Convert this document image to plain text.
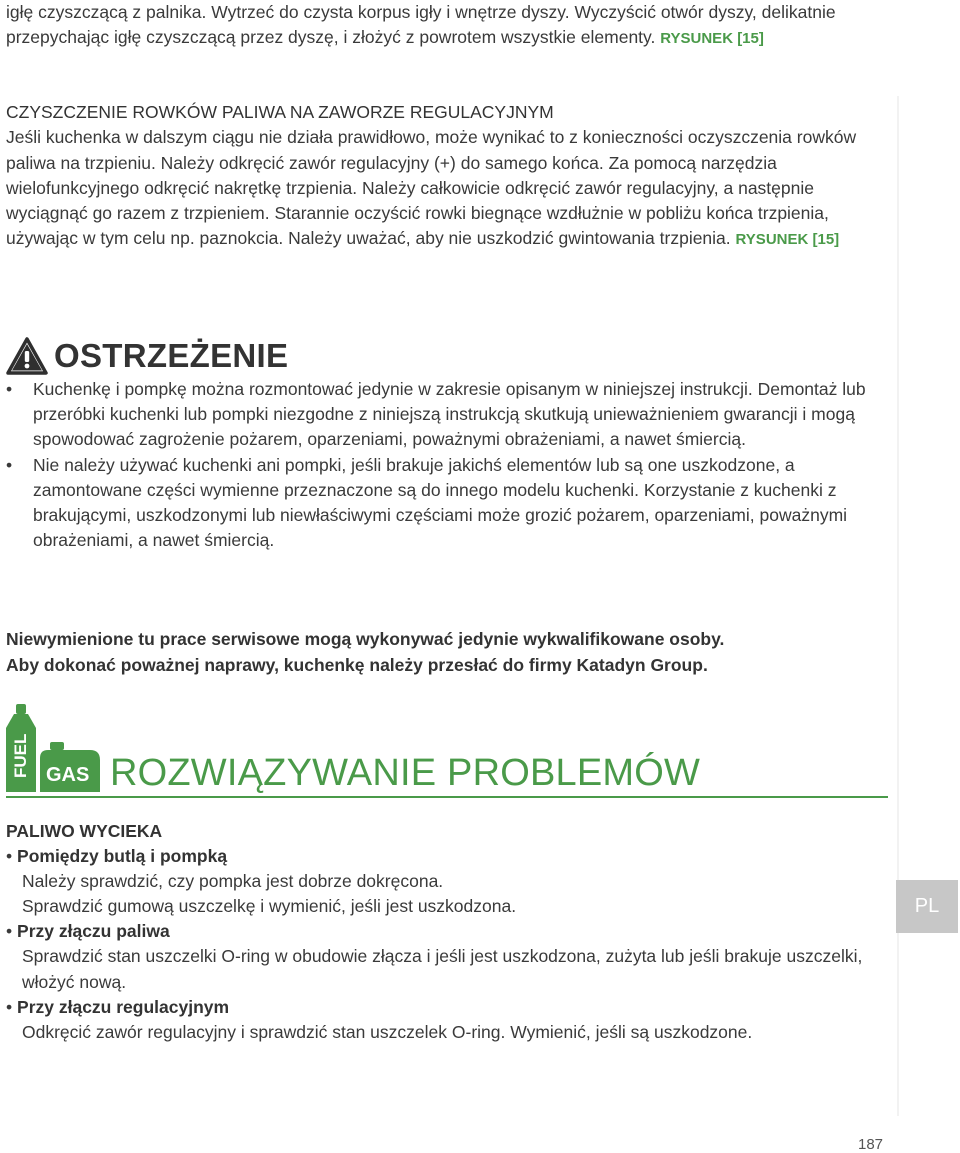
igłę czyszczącą z palnika. Wytrzeć do czysta korpus igły i wnętrze dyszy. Wyczyścić otwór dyszy, delikatnie przepychając igłę czyszczącą przez dyszę, i złożyć z powrotem wszystkie elementy. RYSUNEK [15]

CZYSZCZENIE ROWKÓW PALIWA NA ZAWORZE REGULACYJNYM

Jeśli kuchenka w dalszym ciągu nie działa prawidłowo, może wynikać to z konieczności oczyszczenia rowków paliwa na trzpieniu. Należy odkręcić zawór regulacyjny (+) do samego końca. Za pomocą narzędzia wielofunkcyjnego odkręcić nakrętkę trzpienia. Należy całkowicie odkręcić zawór regulacyjny, a następnie wyciągnąć go razem z trzpieniem. Starannie oczyścić rowki biegnące wzdłużnie w pobliżu końca trzpienia, używając w tym celu np. paznokcia. Należy uważać, aby nie uszkodzić gwintowania trzpienia. RYSUNEK [15]

OSTRZEŻENIE
• Kuchenkę i pompkę można rozmontować jedynie w zakresie opisanym w niniejszej instrukcji. Demontaż lub przeróbki kuchenki lub pompki niezgodne z niniejszą instrukcją skutkują unieważnieniem gwarancji i mogą spowodować zagrożenie pożarem, oparzeniami, poważnymi obrażeniami, a nawet śmiercią.
• Nie należy używać kuchenki ani pompki, jeśli brakuje jakichś elementów lub są one uszkodzone, a zamontowane części wymienne przeznaczone są do innego modelu kuchenki. Korzystanie z kuchenki z brakującymi, uszkodzonymi lub niewłaściwymi częściami może grozić pożarem, oparzeniami, poważnymi obrażeniami, a nawet śmiercią.

Niewymienione tu prace serwisowe mogą wykonywać jedynie wykwalifikowane osoby.

Aby dokonać poważnej naprawy, kuchenkę należy przesłać do firmy Katadyn Group.

FUEL GAS ROZWIĄZYWANIE PROBLEMÓW

PALIWO WYCIEKA

• Pomiędzy butlą i pompką

Należy sprawdzić, czy pompka jest dobrze dokręcona.

Sprawdzić gumową uszczelkę i wymienić, jeśli jest uszkodzona.

• Przy złączu paliwa

Sprawdzić stan uszczelki O-ring w obudowie złącza i jeśli jest uszkodzona, zużyta lub jeśli brakuje uszczelki, włożyć nową.

• Przy złączu regulacyjnym

Odkręcić zawór regulacyjny i sprawdzić stan uszczelek O-ring. Wymienić, jeśli są uszkodzone.

PL
187
